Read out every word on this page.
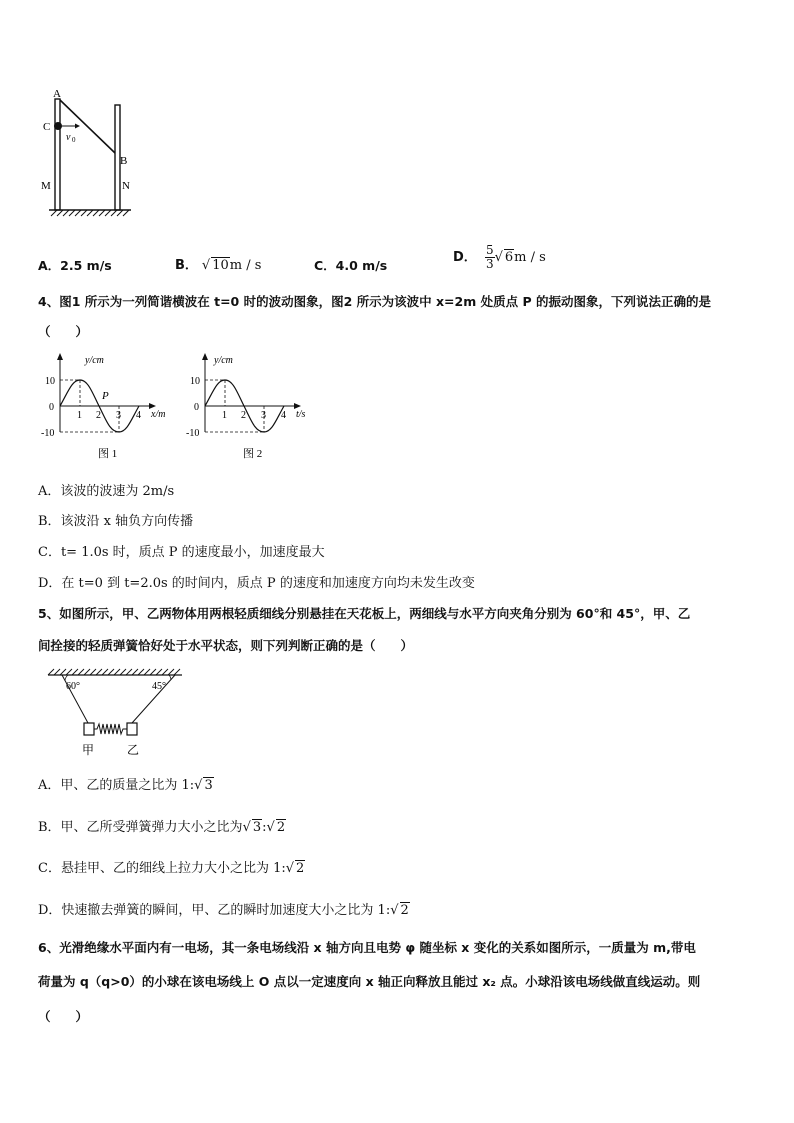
A
C
v 0
B
M	N
A．2.5 m/s	B． √ 10m / s	C．4.0 m/s
D． $\frac{5}{3}$ √ 6m / s
4、图1 所示为一列简谐横波在 t=0 时的波动图象，图2 所示为该波中 x=2m 处质点 P 的振动图象，下列说法正确的是
（　　）
y/cm
10
0
-10
1 2 3 4 x/m
P
图 1
y/cm
10
0
-10
1 2 3 4 t/s
图 2
A．该波的波速为 2m/s
B．该波沿 x 轴负方向传播
C．t= 1.0s 时，质点 P 的速度最小，加速度最大
D．在 t=0 到 t=2.0s 的时间内，质点 P 的速度和加速度方向均未发生改变
5、如图所示，甲、乙两物体用两根轻质细线分别悬挂在天花板上，两细线与水平方向夹角分别为 60°和 45°，甲、乙
间拴接的轻质弹簧恰好处于水平状态，则下列判断正确的是（　　）
60°	45°
甲	乙
A．甲、乙的质量之比为 1:√ 3
B．甲、乙所受弹簧弹力大小之比为√ 3:√ 2
C．悬挂甲、乙的细线上拉力大小之比为 1:√ 2
D．快速撤去弹簧的瞬间，甲、乙的瞬时加速度大小之比为 1:√ 2
6、光滑绝缘水平面内有一电场，其一条电场线沿 x 轴方向且电势 φ 随坐标 x 变化的关系如图所示，一质量为 m,带电
荷量为 q（q>0）的小球在该电场线上 O 点以一定速度向 x 轴正向释放且能过 x₂ 点。小球沿该电场线做直线运动。则
（　　）
